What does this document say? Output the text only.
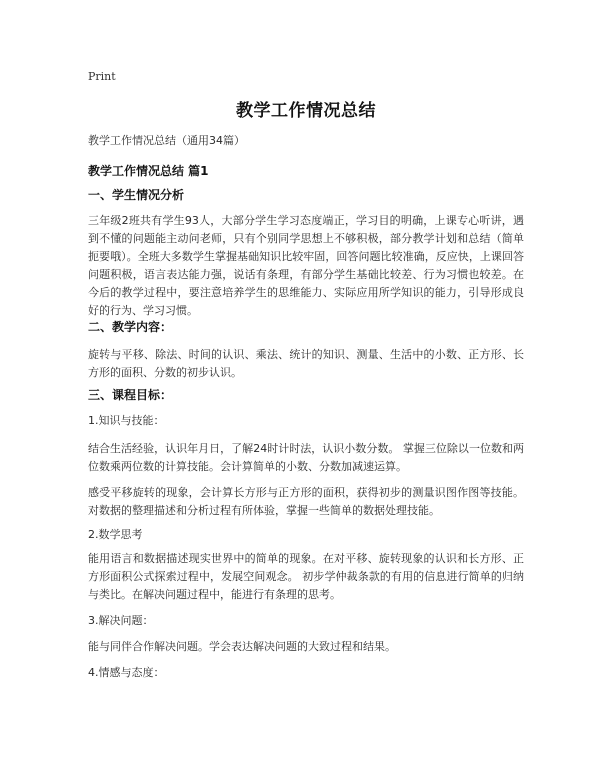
Print
教学工作情况总结
教学工作情况总结（通用34篇）
教学工作情况总结 篇1
一、学生情况分析
三年级2班共有学生93人，大部分学生学习态度端正，学习目的明确，上课专心听讲，遇到不懂的问题能主动问老师，只有个别同学思想上不够积极，部分教学计划和总结（简单扼要哦）。全班大多数学生掌握基础知识比较牢固，回答问题比较准确，反应快，上课回答问题积极，语言表达能力强，说话有条理，有部分学生基础比较差、行为习惯也较差。在今后的教学过程中，要注意培养学生的思维能力、实际应用所学知识的能力，引导形成良好的行为、学习习惯。
二、教学内容：
旋转与平移、除法、时间的认识、乘法、统计的知识、测量、生活中的小数、正方形、长方形的面积、分数的初步认识。
三、课程目标：
1.知识与技能：
结合生活经验，认识年月日，了解24时计时法，认识小数分数。 掌握三位除以一位数和两位数乘两位数的计算技能。会计算简单的小数、分数加减速运算。
感受平移旋转的现象，会计算长方形与正方形的面积，获得初步的测量识图作图等技能。对数据的整理描述和分析过程有所体验，掌握一些简单的数据处理技能。
2.数学思考
能用语言和数据描述现实世界中的简单的现象。在对平移、旋转现象的认识和长方形、正方形面积公式探索过程中，发展空间观念。 初步学仲裁条款的有用的信息进行简单的归纳与类比。在解决问题过程中，能进行有条理的思考。
3.解决问题：
能与同伴合作解决问题。学会表达解决问题的大致过程和结果。
4.情感与态度：
